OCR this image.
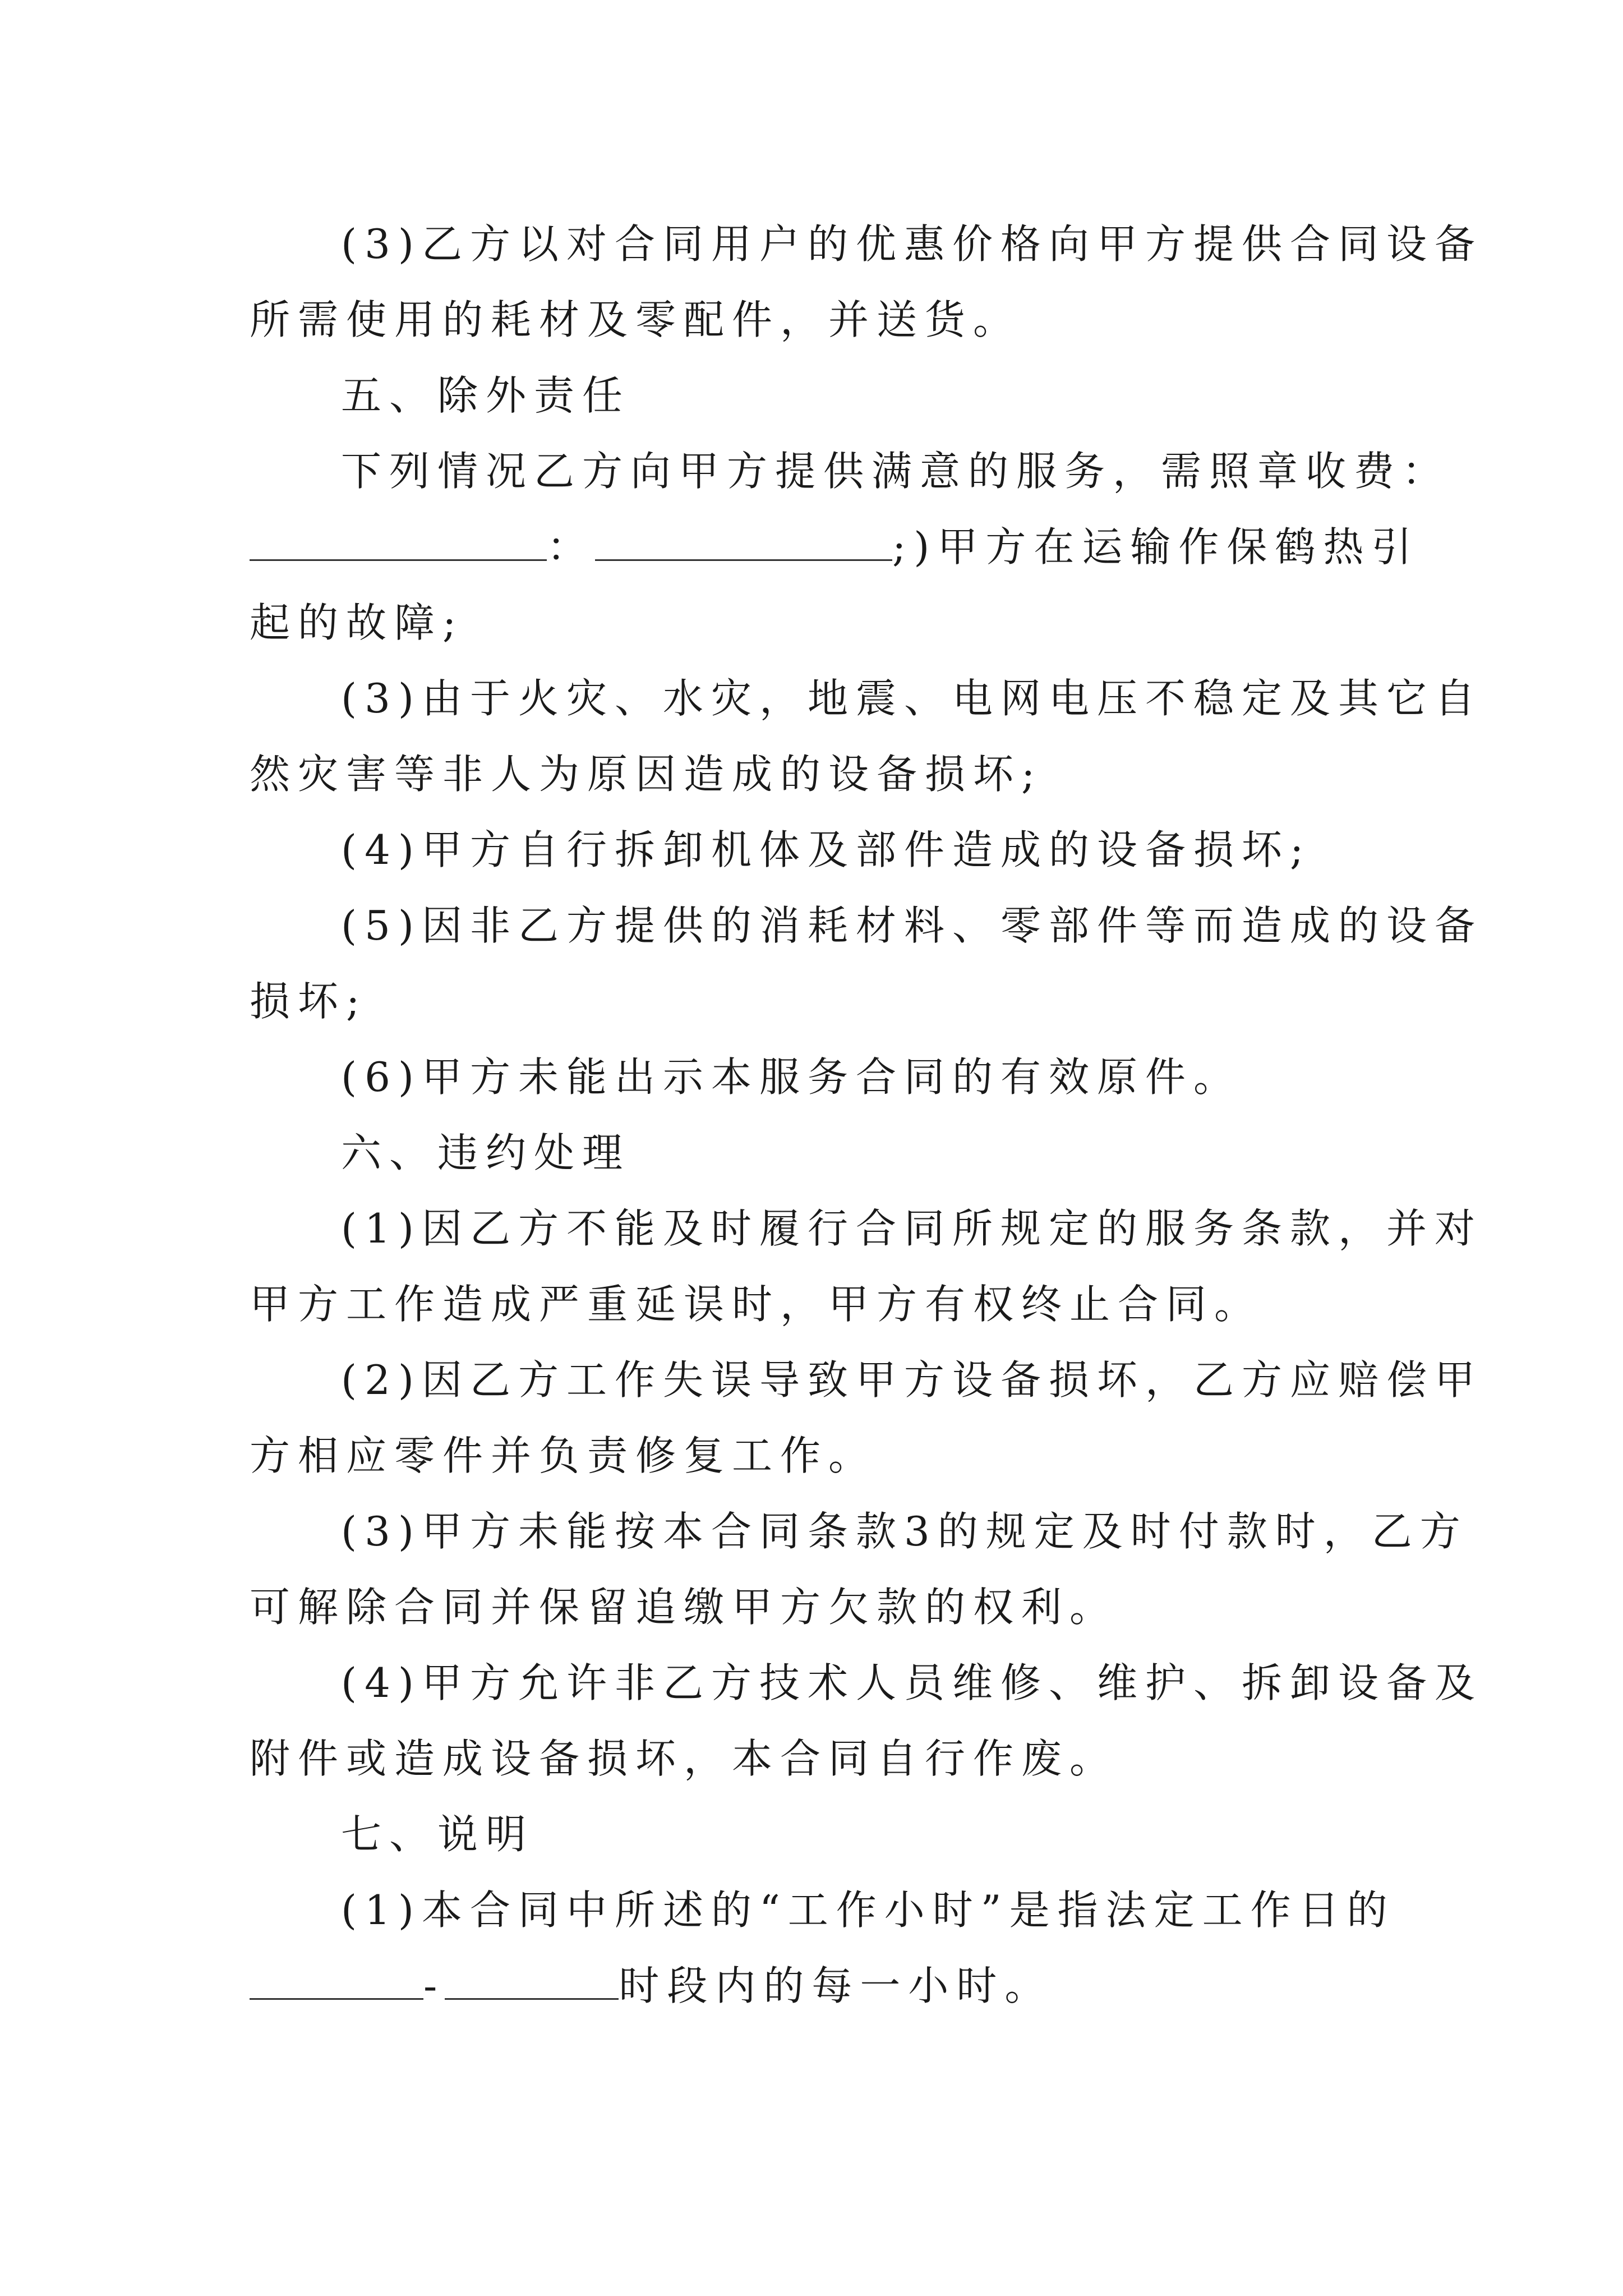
(3)乙方以对合同用户的优惠价格向甲方提供合同设备
所需使用的耗材及零配件，并送货。
五、除外责任
下列情况乙方向甲方提供满意的服务，需照章收费：
：	;)甲方在运输作保鹤热引
起的故障;
(3)由于火灾、水灾，地震、电网电压不稳定及其它自
然灾害等非人为原因造成的设备损坏;
(4)甲方自行拆卸机体及部件造成的设备损坏;
(5)因非乙方提供的消耗材料、零部件等而造成的设备
损坏;
(6)甲方未能出示本服务合同的有效原件。
六、违约处理
(1)因乙方不能及时履行合同所规定的服务条款，并对
甲方工作造成严重延误时，甲方有权终止合同。
(2)因乙方工作失误导致甲方设备损坏，乙方应赔偿甲
方相应零件并负责修复工作。
(3)甲方未能按本合同条款3的规定及时付款时，乙方
可解除合同并保留追缴甲方欠款的权利。
(4)甲方允许非乙方技术人员维修、维护、拆卸设备及
附件或造成设备损坏，本合同自行作废。
七、说明
(1)本合同中所述的“工作小时”是指法定工作日的
-	时段内的每一小时。
